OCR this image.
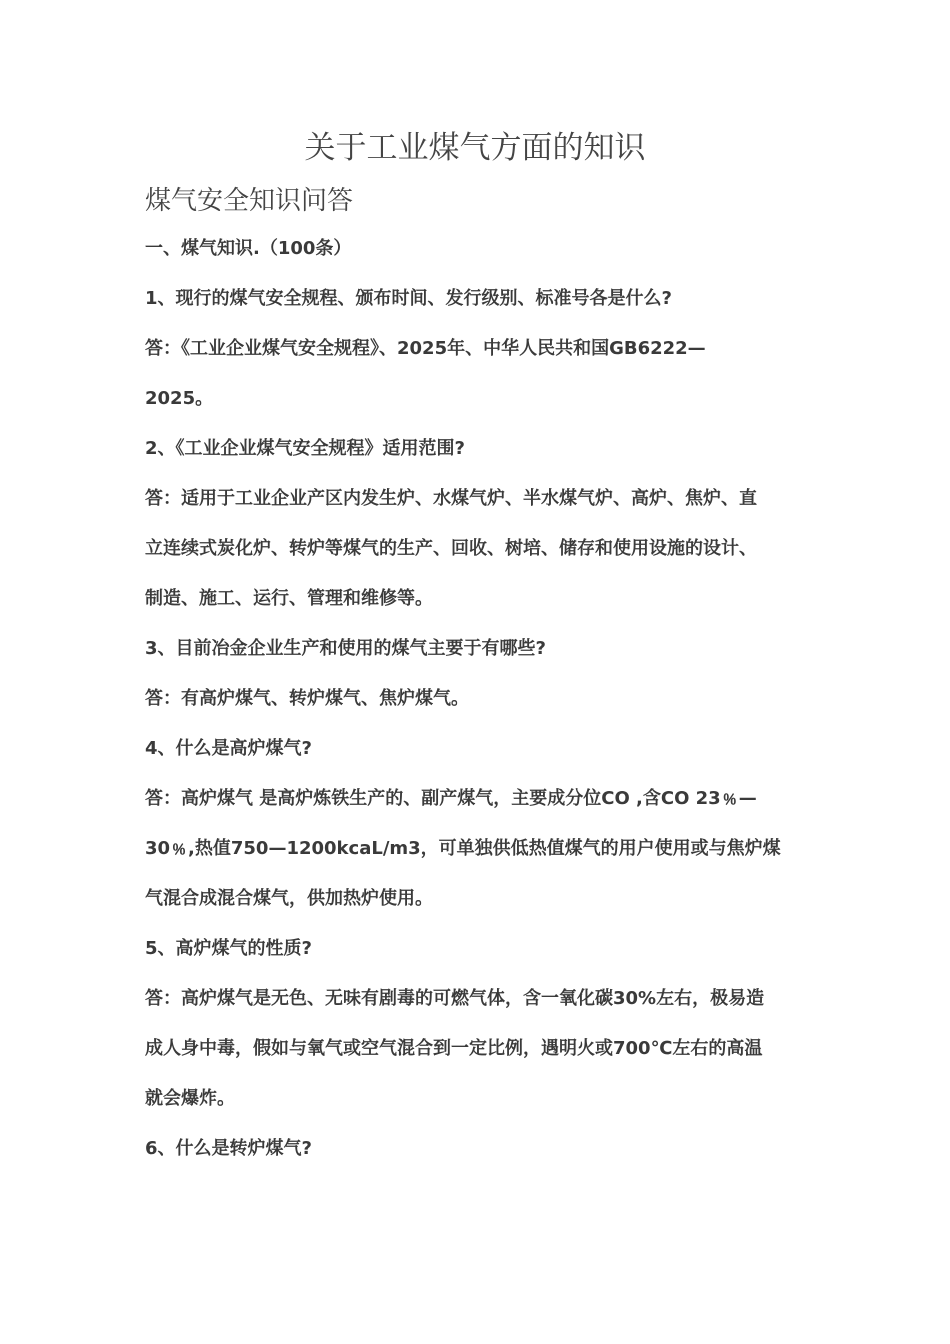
关于工业煤气方面的知识
煤气安全知识问答
一、煤气知识.（100条）
1、现行的煤气安全规程、颁布时间、发行级别、标准号各是什么?
答：《工业企业煤气安全规程》、2025年、中华人民共和国GB6222—
2025。
2、《工业企业煤气安全规程》适用范围?
答：适用于工业企业产区内发生炉、水煤气炉、半水煤气炉、高炉、焦炉、直
立连续式炭化炉、转炉等煤气的生产、回收、树培、储存和使用设施的设计、
制造、施工、运行、管理和维修等。
3、目前冶金企业生产和使用的煤气主要于有哪些?
答：有高炉煤气、转炉煤气、焦炉煤气。
4、什么是高炉煤气?
答：高炉煤气 是高炉炼铁生产的、副产煤气，主要成分位CO ,含CO 23﹪—
30﹪,热值750—1200kcaL/m3，可单独供低热值煤气的用户使用或与焦炉煤
气混合成混合煤气，供加热炉使用。
5、高炉煤气的性质?
答：高炉煤气是无色、无味有剧毒的可燃气体，含一氧化碳30%左右，极易造
成人身中毒，假如与氧气或空气混合到一定比例，遇明火或700℃左右的高温
就会爆炸。
6、什么是转炉煤气?
